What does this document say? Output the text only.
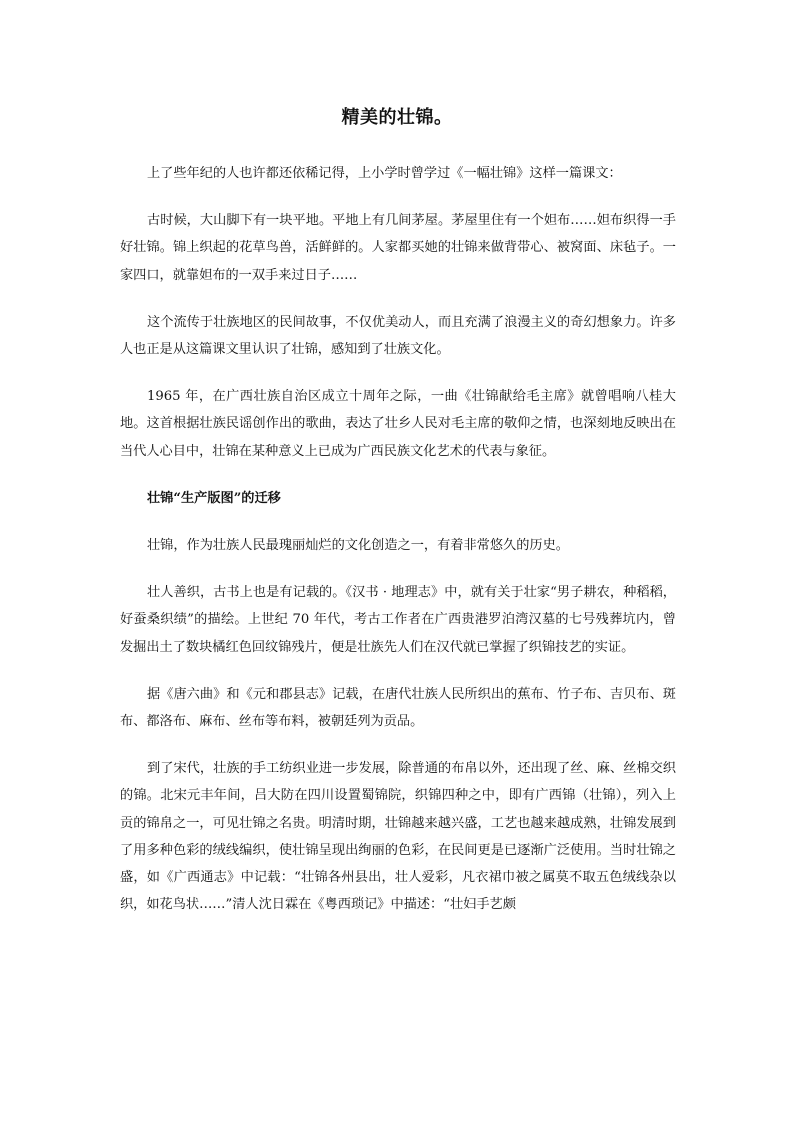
精美的壮锦。

上了些年纪的人也许都还依稀记得，上小学时曾学过《一幅壮锦》这样一篇课文：

古时候，大山脚下有一块平地。平地上有几间茅屋。茅屋里住有一个妲布……妲布织得一手好壮锦。锦上织起的花草鸟兽，活鲜鲜的。人家都买她的壮锦来做背带心、被窝面、床毡子。一家四口，就靠妲布的一双手来过日子……

这个流传于壮族地区的民间故事，不仅优美动人，而且充满了浪漫主义的奇幻想象力。许多人也正是从这篇课文里认识了壮锦，感知到了壮族文化。

1965 年，在广西壮族自治区成立十周年之际，一曲《壮锦献给毛主席》就曾唱响八桂大地。这首根据壮族民谣创作出的歌曲，表达了壮乡人民对毛主席的敬仰之情，也深刻地反映出在当代人心目中，壮锦在某种意义上已成为广西民族文化艺术的代表与象征。

壮锦“生产版图”的迁移

壮锦，作为壮族人民最瑰丽灿烂的文化创造之一，有着非常悠久的历史。

壮人善织，古书上也是有记载的。《汉书 · 地理志》中，就有关于壮家“男子耕农，种稻稻，好蚕桑织绩”的描绘。上世纪 70 年代，考古工作者在广西贵港罗泊湾汉墓的七号残葬坑内，曾发掘出土了数块橘红色回纹锦残片，便是壮族先人们在汉代就已掌握了织锦技艺的实证。

据《唐六曲》和《元和郡县志》记载，在唐代壮族人民所织出的蕉布、竹子布、吉贝布、斑布、都洛布、麻布、丝布等布料，被朝廷列为贡品。

到了宋代，壮族的手工纺织业进一步发展，除普通的布帛以外，还出现了丝、麻、丝棉交织的锦。北宋元丰年间，吕大防在四川设置蜀锦院，织锦四种之中，即有广西锦（壮锦），列入上贡的锦帛之一，可见壮锦之名贵。明清时期，壮锦越来越兴盛，工艺也越来越成熟，壮锦发展到了用多种色彩的绒线编织，使壮锦呈现出绚丽的色彩，在民间更是已逐渐广泛使用。当时壮锦之盛，如《广西通志》中记载：“壮锦各州县出，壮人爱彩，凡衣裙巾被之属莫不取五色绒线杂以织，如花鸟状……”清人沈日霖在《粤西琐记》中描述：“壮妇手艺颇
